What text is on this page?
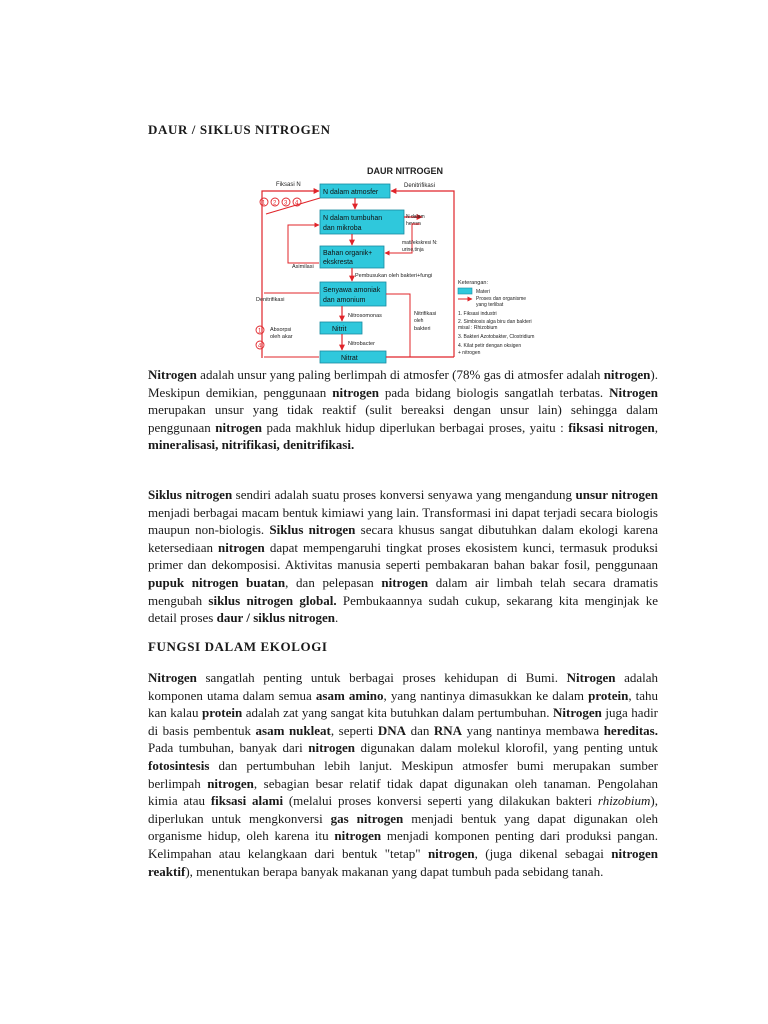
DAUR / SIKLUS NITROGEN
DAUR NITROGEN
N dalam atmosfer
N dalam tumbuhan
dan mikroba
Bahan organik+
ekskresta
Senyawa amoniak
dan amonium
Nitrit
Nitrat
Fiksasi N
1 2 3 4
Denitrifikasi
N dalam
hewan
mati/ekskresi N:
urine,tinja
Asimilasi
Pembusukan oleh bakteri+fungi
Denitrifikasi
Nitrosomonas	Nitrifikasi
oleh
bakteri
Nitrobacter
Absorpsi
oleh akar
1
4
Keterangan:
Materi
Proses dan organisme
yang terlibat
1. Fiksasi industri
2. Simbiosis alga biru dan bakteri
misal : Rhizobium
3. Bakteri Azotobakter, Clostridium
4. Kilat petir dengan oksigen
+ nitrogen

Nitrogen adalah unsur yang paling berlimpah di atmosfer (78% gas di atmosfer adalah nitrogen). Meskipun demikian, penggunaan nitrogen pada bidang biologis sangatlah terbatas. Nitrogen merupakan unsur yang tidak reaktif (sulit bereaksi dengan unsur lain) sehingga dalam penggunaan nitrogen pada makhluk hidup diperlukan berbagai proses, yaitu : fiksasi nitrogen, mineralisasi, nitrifikasi, denitrifikasi.

Siklus nitrogen sendiri adalah suatu proses konversi senyawa yang mengandung unsur nitrogen menjadi berbagai macam bentuk kimiawi yang lain. Transformasi ini dapat terjadi secara biologis maupun non-biologis. Siklus nitrogen secara khusus sangat dibutuhkan dalam ekologi karena ketersediaan nitrogen dapat mempengaruhi tingkat proses ekosistem kunci, termasuk produksi primer dan dekomposisi. Aktivitas manusia seperti pembakaran bahan bakar fosil, penggunaan pupuk nitrogen buatan, dan pelepasan nitrogen dalam air limbah telah secara dramatis mengubah siklus nitrogen global. Pembukaannya sudah cukup, sekarang kita menginjak ke detail proses daur / siklus nitrogen.

FUNGSI DALAM EKOLOGI

Nitrogen sangatlah penting untuk berbagai proses kehidupan di Bumi. Nitrogen adalah komponen utama dalam semua asam amino, yang nantinya dimasukkan ke dalam protein, tahu kan kalau protein adalah zat yang sangat kita butuhkan dalam pertumbuhan. Nitrogen juga hadir di basis pembentuk asam nukleat, seperti DNA dan RNA yang nantinya membawa hereditas. Pada tumbuhan, banyak dari nitrogen digunakan dalam molekul klorofil, yang penting untuk fotosintesis dan pertumbuhan lebih lanjut. Meskipun atmosfer bumi merupakan sumber berlimpah nitrogen, sebagian besar relatif tidak dapat digunakan oleh tanaman. Pengolahan kimia atau fiksasi alami (melalui proses konversi seperti yang dilakukan bakteri rhizobium), diperlukan untuk mengkonversi gas nitrogen menjadi bentuk yang dapat digunakan oleh organisme hidup, oleh karena itu nitrogen menjadi komponen penting dari produksi pangan. Kelimpahan atau kelangkaan dari bentuk "tetap" nitrogen, (juga dikenal sebagai nitrogen reaktif), menentukan berapa banyak makanan yang dapat tumbuh pada sebidang tanah.
